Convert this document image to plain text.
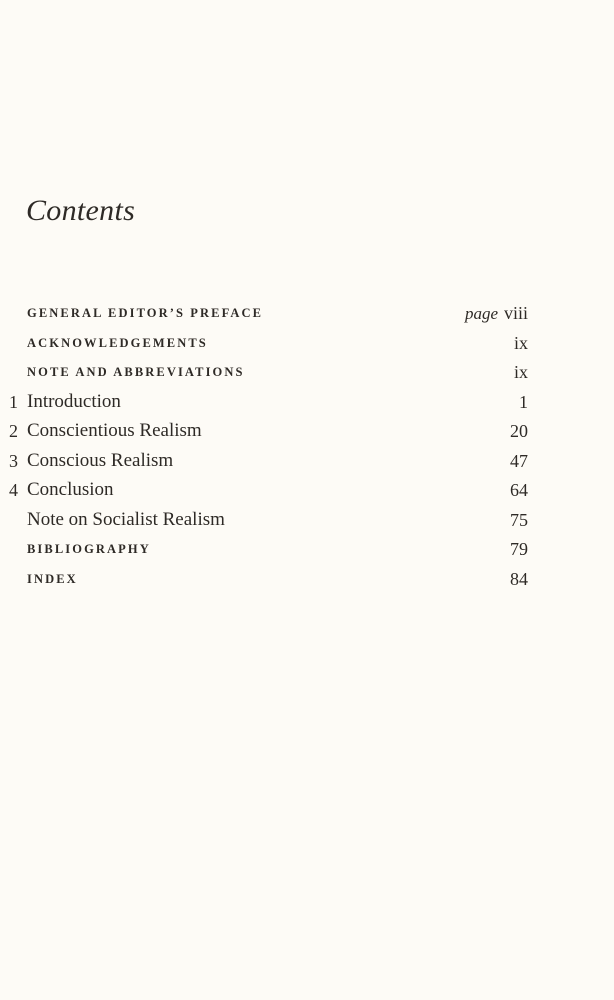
Contents
GENERAL EDITOR’S PREFACE	page viii
ACKNOWLEDGEMENTS	ix
NOTE AND ABBREVIATIONS	ix
1 Introduction	1
2 Conscientious Realism	20
3 Conscious Realism	47
4 Conclusion	64
Note on Socialist Realism	75
BIBLIOGRAPHY	79
INDEX	84
